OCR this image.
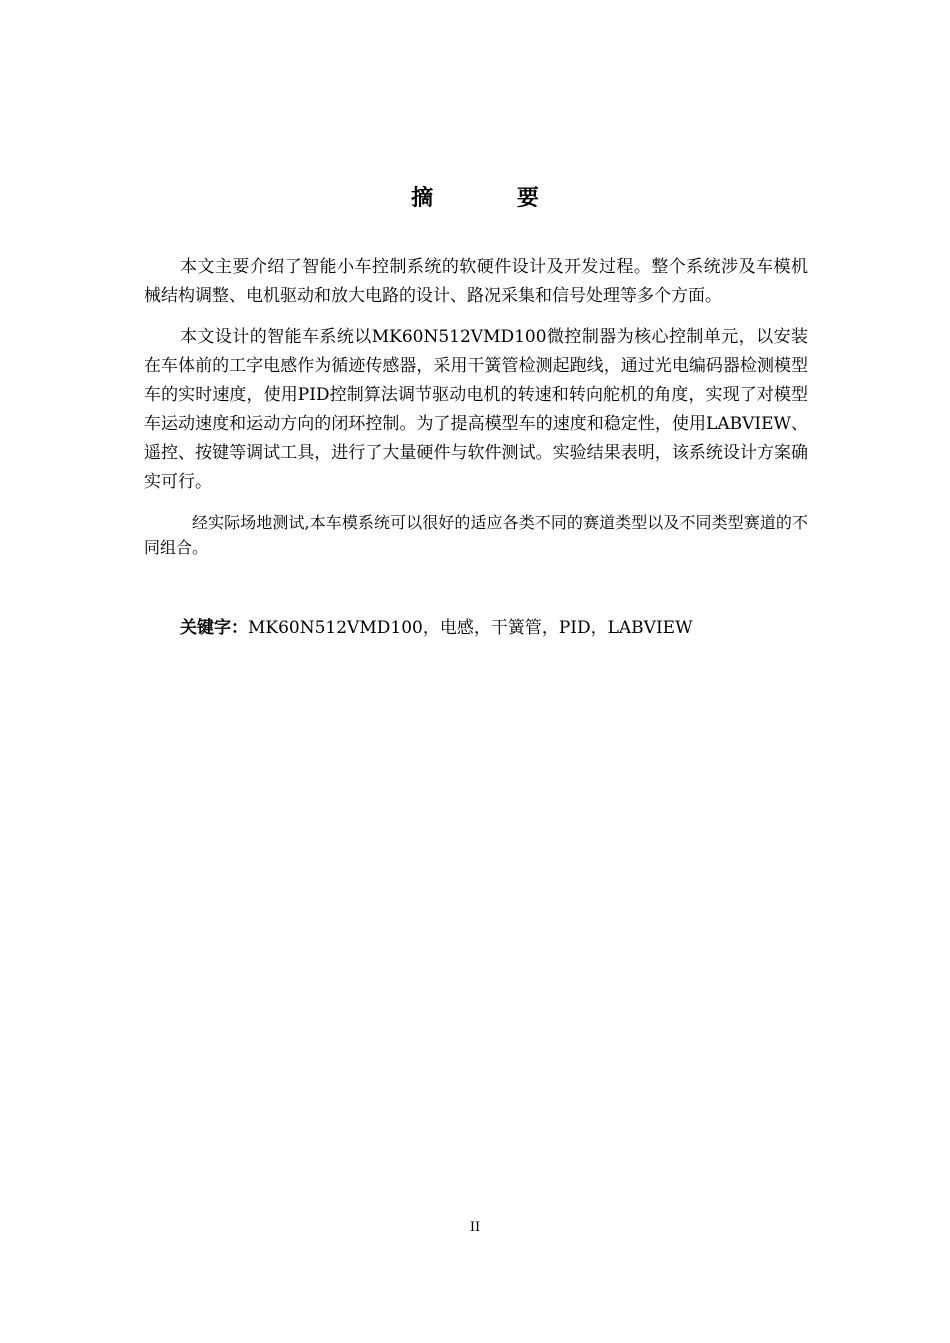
摘 要
本文主要介绍了智能小车控制系统的软硬件设计及开发过程。整个系统涉及车模机械结构调整、电机驱动和放大电路的设计、路况采集和信号处理等多个方面。
本文设计的智能车系统以MK60N512VMD100微控制器为核心控制单元，以安装在车体前的工字电感作为循迹传感器，采用干簧管检测起跑线，通过光电编码器检测模型车的实时速度，使用PID控制算法调节驱动电机的转速和转向舵机的角度，实现了对模型车运动速度和运动方向的闭环控制。为了提高模型车的速度和稳定性，使用LABVIEW、遥控、按键等调试工具，进行了大量硬件与软件测试。实验结果表明，该系统设计方案确实可行。
经实际场地测试,本车模系统可以很好的适应各类不同的赛道类型以及不同类型赛道的不同组合。
关键字：MK60N512VMD100，电感，干簧管，PID，LABVIEW
II
